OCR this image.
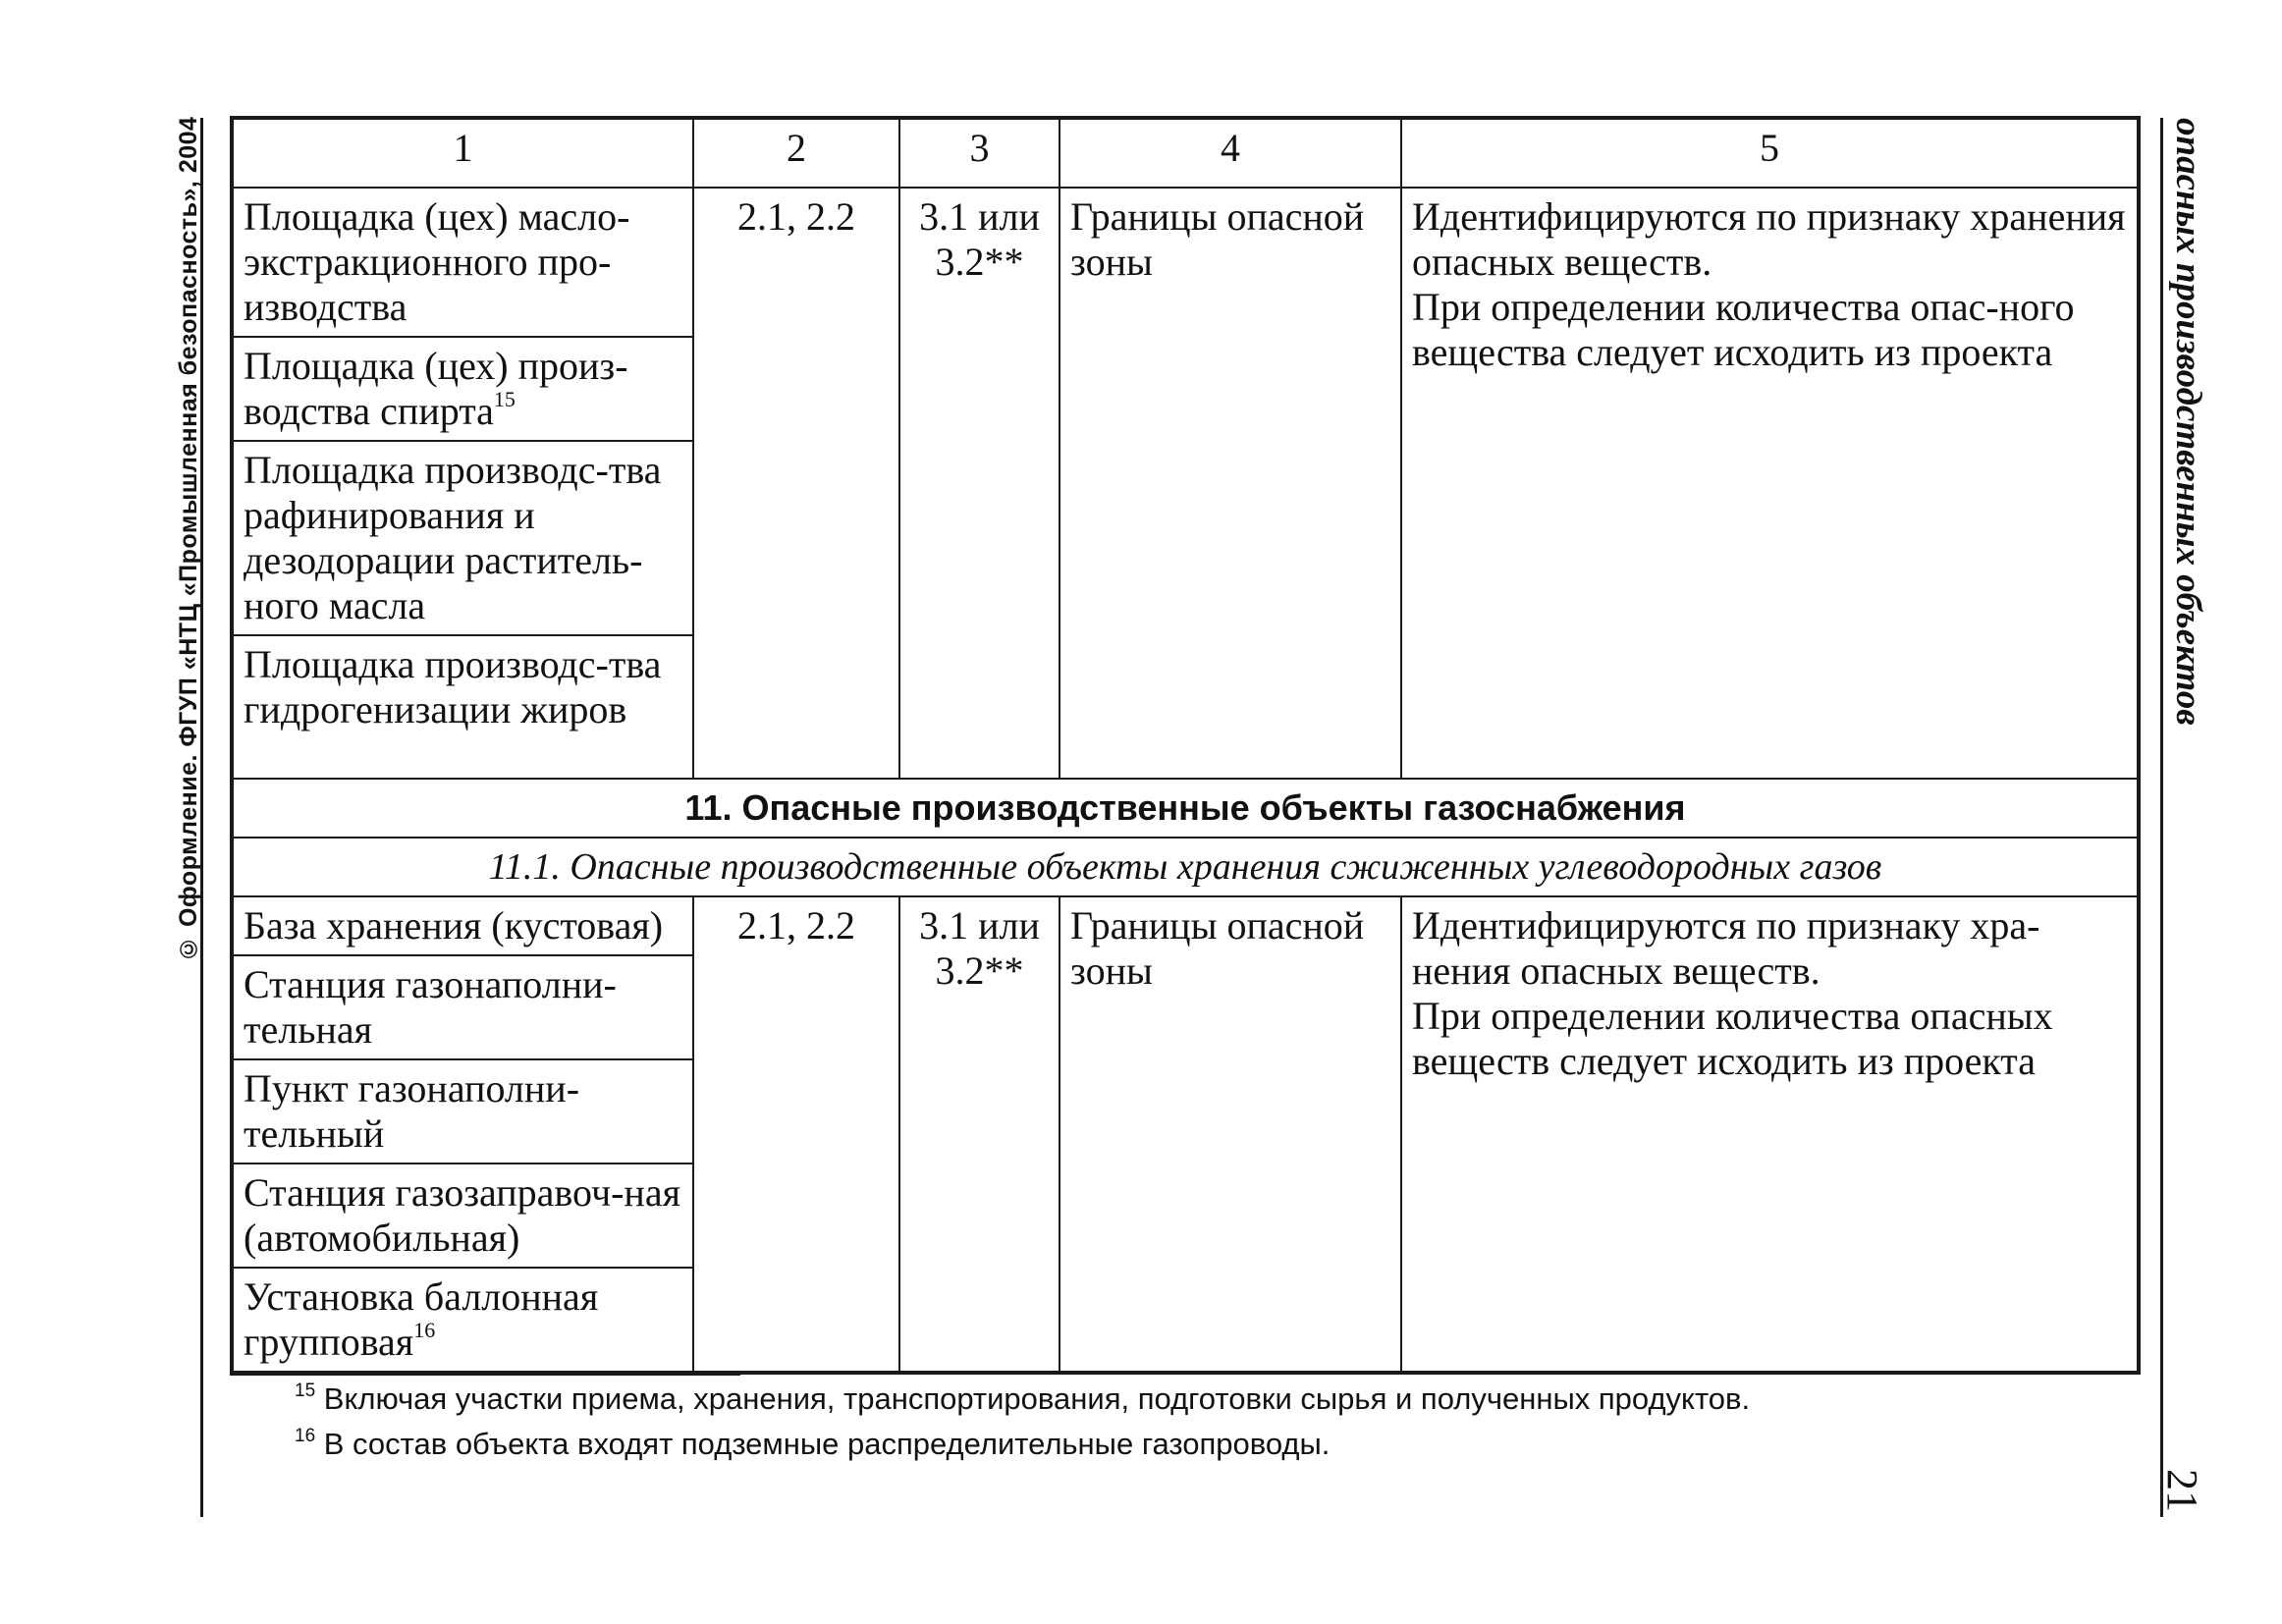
© Оформление. ФГУП «НТЦ «Промышленная безопасность», 2004	опасных производственных объектов
21
1	2	3	4	5
Площадка (цех) масло-экстракционного про-изводства	2.1, 2.2	3.1 или 3.2**	Границы опасной зоны	Идентифицируются по признаку хранения опасных веществ.

При определении количества опас-ного вещества следует исходить из проекта

Площадка (цех) произ-водства спирта$^{15}$
Площадка производс-тва рафинирования и дезодорации раститель-ного масла				
Площадка производс-тва гидрогенизации жиров				
11. Опасные производственные объекты газоснабжения				
11.1. Опасные производственные объекты хранения сжиженных углеводородных газов				
База хранения (кустовая)	2.1, 2.2	3.1 или 3.2**	Границы опасной зоны	Идентифицируются по признаку хра-нения опасных веществ.

При определении количества опасных веществ следует исходить из проекта

Станция газонаполни-тельная				
Пункт газонаполни-тельный				
Станция газозаправоч-ная (автомобильная)				
Установка баллонная групповая$^{16}$
$^{15}$ Включая участки приема, хранения, транспортирования, подготовки сырья и полученных продуктов.
$^{16}$ В состав объекта входят подземные распределительные газопроводы.
